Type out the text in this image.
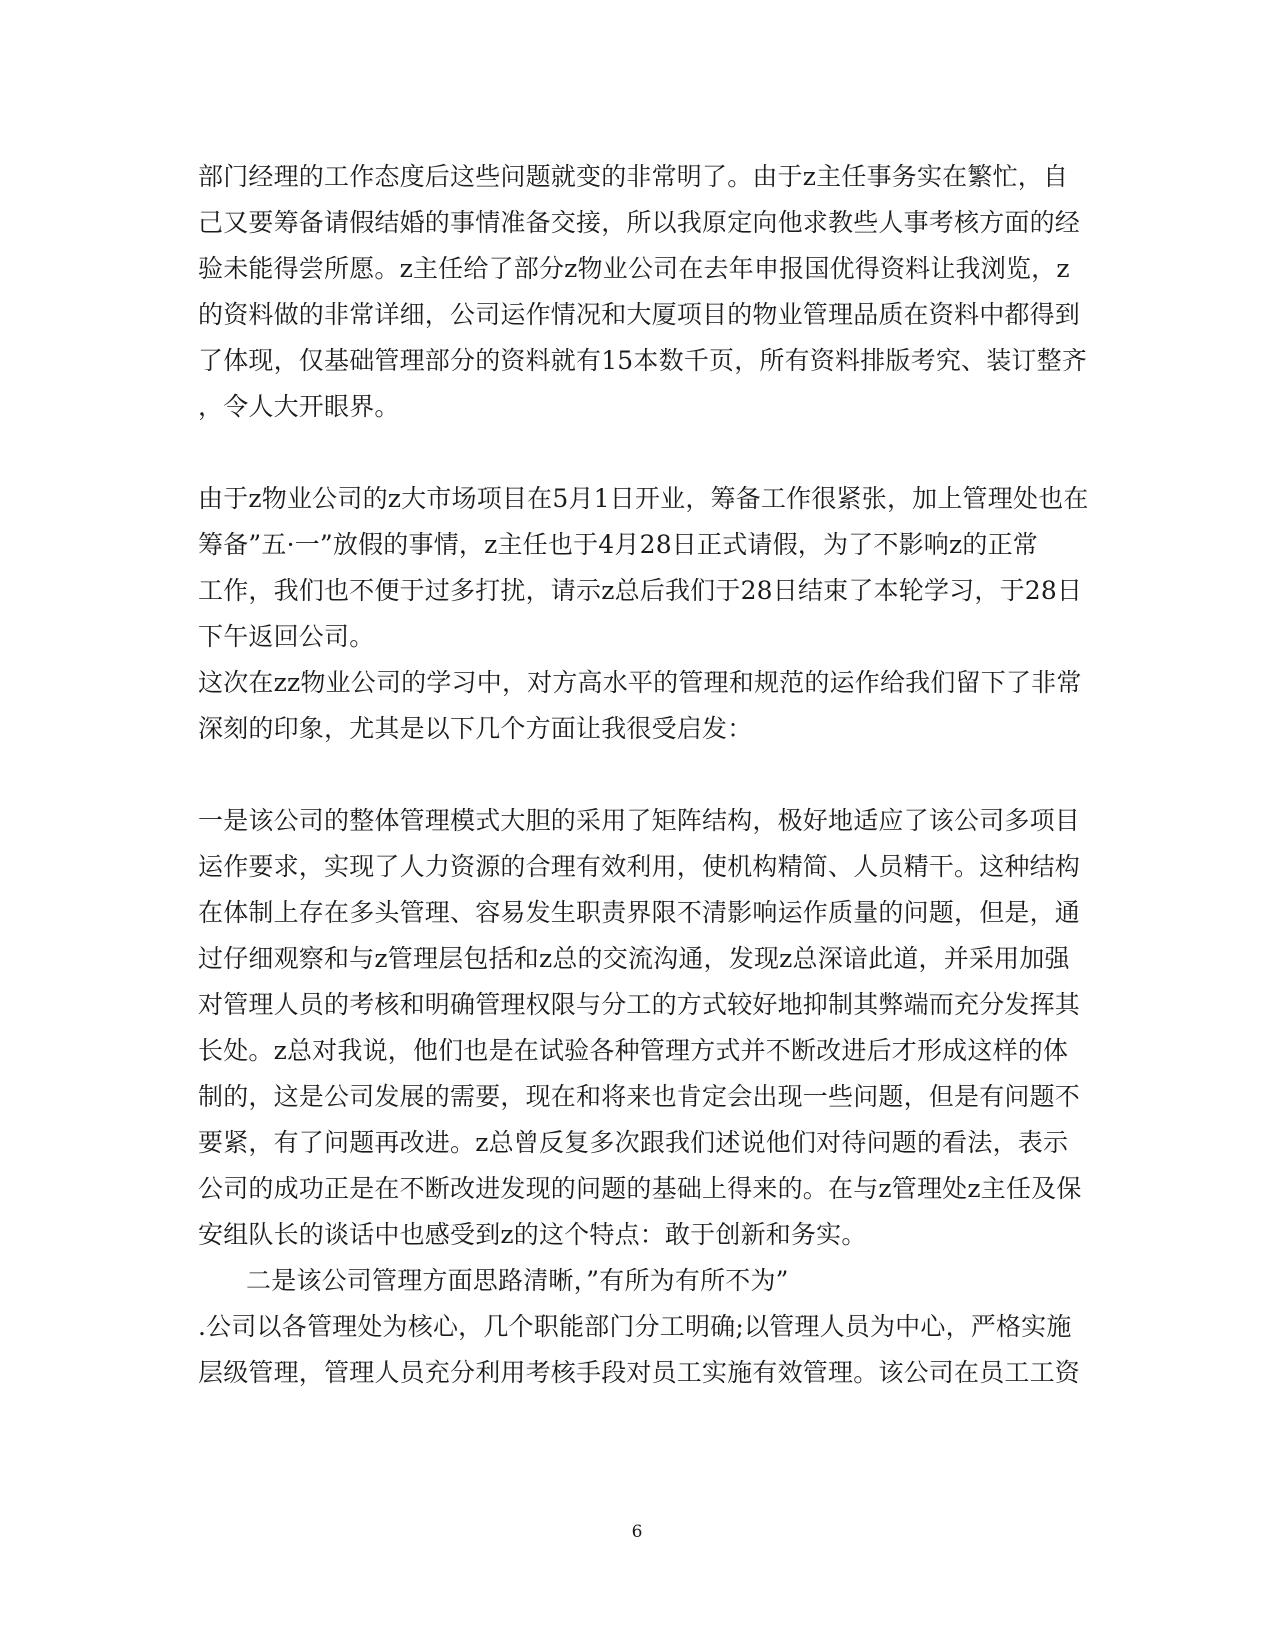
部门经理的工作态度后这些问题就变的非常明了。由于z主任事务实在繁忙，自
己又要筹备请假结婚的事情准备交接，所以我原定向他求教些人事考核方面的经
验未能得尝所愿。z主任给了部分z物业公司在去年申报国优得资料让我浏览，z
的资料做的非常详细，公司运作情况和大厦项目的物业管理品质在资料中都得到
了体现，仅基础管理部分的资料就有15本数千页，所有资料排版考究、装订整齐
，令人大开眼界。
由于z物业公司的z大市场项目在5月1日开业，筹备工作很紧张，加上管理处也在
筹备”五·一”放假的事情，z主任也于4月28日正式请假，为了不影响z的正常
工作，我们也不便于过多打扰，请示z总后我们于28日结束了本轮学习，于28日
下午返回公司。
这次在zz物业公司的学习中，对方高水平的管理和规范的运作给我们留下了非常
深刻的印象，尤其是以下几个方面让我很受启发：
一是该公司的整体管理模式大胆的采用了矩阵结构，极好地适应了该公司多项目
运作要求，实现了人力资源的合理有效利用，使机构精简、人员精干。这种结构
在体制上存在多头管理、容易发生职责界限不清影响运作质量的问题，但是，通
过仔细观察和与z管理层包括和z总的交流沟通，发现z总深谙此道，并采用加强
对管理人员的考核和明确管理权限与分工的方式较好地抑制其弊端而充分发挥其
长处。z总对我说，他们也是在试验各种管理方式并不断改进后才形成这样的体
制的，这是公司发展的需要，现在和将来也肯定会出现一些问题，但是有问题不
要紧，有了问题再改进。z总曾反复多次跟我们述说他们对待问题的看法，表示
公司的成功正是在不断改进发现的问题的基础上得来的。在与z管理处z主任及保
安组队长的谈话中也感受到z的这个特点：敢于创新和务实。
二是该公司管理方面思路清晰，”有所为有所不为”
.公司以各管理处为核心，几个职能部门分工明确;以管理人员为中心，严格实施
层级管理，管理人员充分利用考核手段对员工实施有效管理。该公司在员工工资
6
